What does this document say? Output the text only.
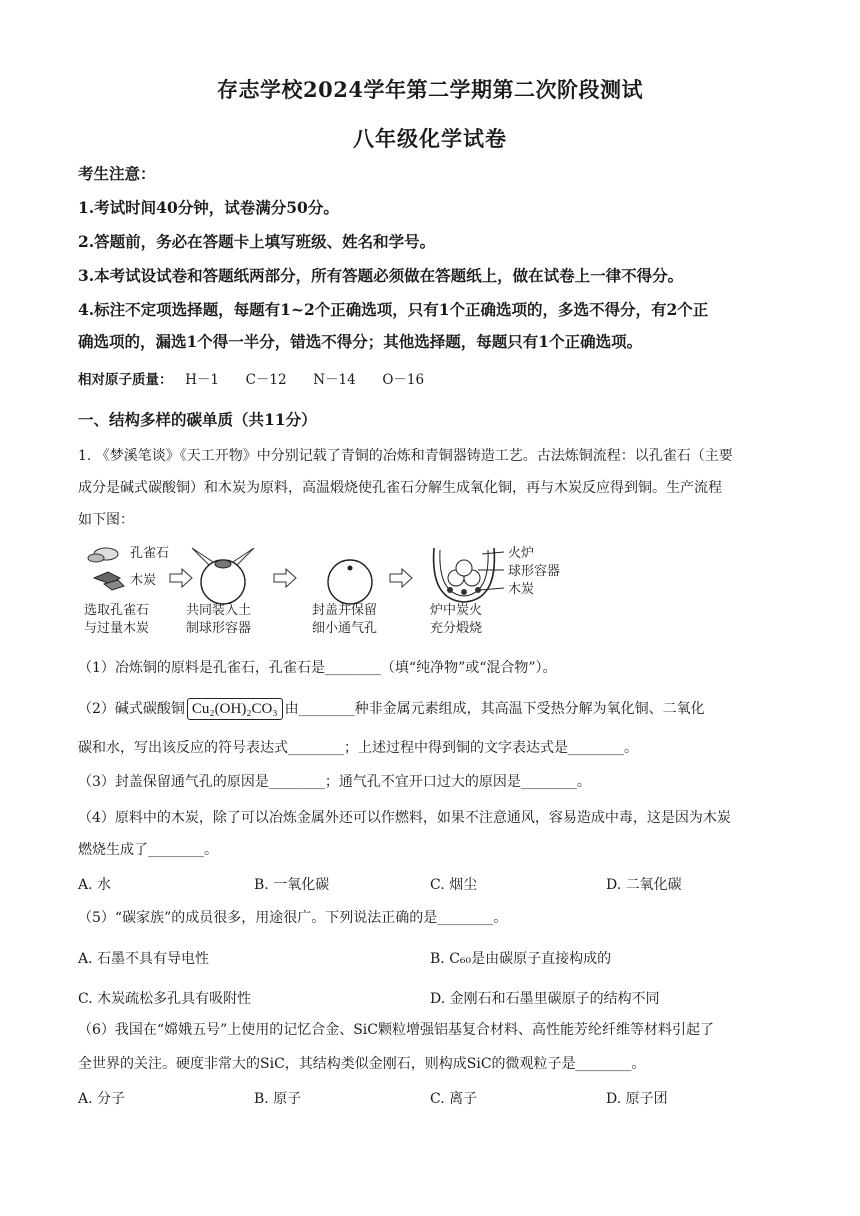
存志学校2024学年第二学期第二次阶段测试
八年级化学试卷
考生注意：
1.考试时间40分钟，试卷满分50分。
2.答题前，务必在答题卡上填写班级、姓名和学号。
3.本考试设试卷和答题纸两部分，所有答题必须做在答题纸上，做在试卷上一律不得分。
4.标注不定项选择题，每题有1~2个正确选项，只有1个正确选项的，多选不得分，有2个正
确选项的，漏选1个得一半分，错选不得分；其他选择题，每题只有1个正确选项。
相对原子质量： H－1 C－12 N－14 O－16
一、结构多样的碳单质（共11分）
1. 《梦溪笔谈》《天工开物》中分别记载了青铜的冶炼和青铜器铸造工艺。古法炼铜流程：以孔雀石（主要
成分是碱式碳酸铜）和木炭为原料，高温煅烧使孔雀石分解生成氧化铜，再与木炭反应得到铜。生产流程
如下图：
孔雀石
木炭
选取孔雀石
与过量木炭
共同装入土
制球形容器
封盖并保留
细小通气孔
火炉
球形容器
木炭
炉中炭火
充分煅烧
（1）冶炼铜的原料是孔雀石，孔雀石是________（填“纯净物”或“混合物”）。
（2）碱式碳酸铜 Cu₂(OH)₂CO₃ 由________种非金属元素组成，其高温下受热分解为氧化铜、二氧化
碳和水，写出该反应的符号表达式________；上述过程中得到铜的文字表达式是________。
（3）封盖保留通气孔的原因是________；通气孔不宜开口过大的原因是________。
（4）原料中的木炭，除了可以冶炼金属外还可以作燃料，如果不注意通风，容易造成中毒，这是因为木炭
燃烧生成了________。
A. 水	B. 一氧化碳	C. 烟尘	D. 二氧化碳
（5）“碳家族”的成员很多，用途很广。下列说法正确的是________。
A. 石墨不具有导电性	B. C₆₀是由碳原子直接构成的
C. 木炭疏松多孔具有吸附性	D. 金刚石和石墨里碳原子的结构不同
（6）我国在“嫦娥五号”上使用的记忆合金、SiC颗粒增强铝基复合材料、高性能芳纶纤维等材料引起了
全世界的关注。硬度非常大的SiC，其结构类似金刚石，则构成SiC的微观粒子是________。
A. 分子	B. 原子	C. 离子	D. 原子团
